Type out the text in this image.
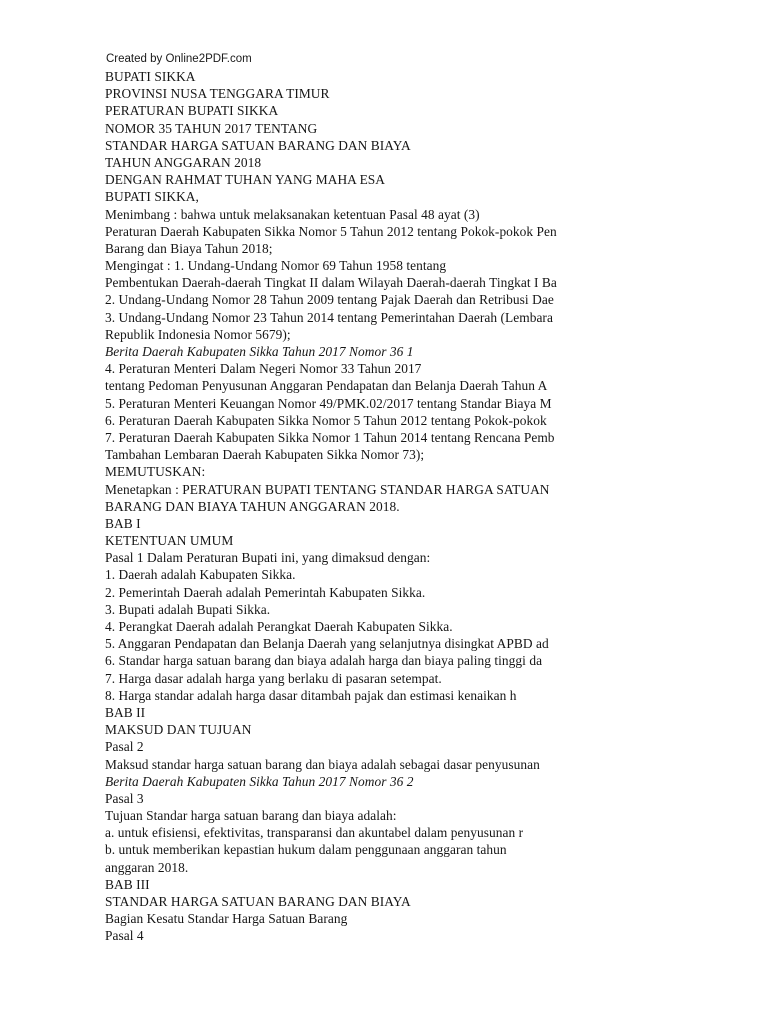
Created by Online2PDF.com
BUPATI SIKKA
PROVINSI NUSA TENGGARA TIMUR
PERATURAN BUPATI SIKKA
NOMOR 35 TAHUN 2017 TENTANG
STANDAR HARGA SATUAN BARANG DAN BIAYA
TAHUN ANGGARAN 2018
DENGAN RAHMAT TUHAN YANG MAHA ESA
BUPATI SIKKA,
Menimbang : bahwa untuk melaksanakan ketentuan Pasal 48 ayat (3)
Peraturan Daerah Kabupaten Sikka Nomor 5 Tahun 2012 tentang Pokok-pokok Pen
Barang dan Biaya Tahun 2018;
Mengingat : 1. Undang-Undang Nomor 69 Tahun 1958 tentang
Pembentukan Daerah-daerah Tingkat II dalam Wilayah Daerah-daerah Tingkat I Ba
2. Undang-Undang Nomor 28 Tahun 2009 tentang Pajak Daerah dan Retribusi Dae
3. Undang-Undang Nomor 23 Tahun 2014 tentang Pemerintahan Daerah (Lembara
Republik Indonesia Nomor 5679);
Berita Daerah Kabupaten Sikka Tahun 2017 Nomor 36 1
4. Peraturan Menteri Dalam Negeri Nomor 33 Tahun 2017
tentang Pedoman Penyusunan Anggaran Pendapatan dan Belanja Daerah Tahun A
5. Peraturan Menteri Keuangan Nomor 49/PMK.02/2017 tentang Standar Biaya M
6. Peraturan Daerah Kabupaten Sikka Nomor 5 Tahun 2012 tentang Pokok-pokok
7. Peraturan Daerah Kabupaten Sikka Nomor 1 Tahun 2014 tentang Rencana Pemb
Tambahan Lembaran Daerah Kabupaten Sikka Nomor 73);
MEMUTUSKAN:
Menetapkan : PERATURAN BUPATI TENTANG STANDAR HARGA SATUAN
BARANG DAN BIAYA TAHUN ANGGARAN 2018.
BAB I
KETENTUAN UMUM
Pasal 1 Dalam Peraturan Bupati ini, yang dimaksud dengan:
1. Daerah adalah Kabupaten Sikka.
2. Pemerintah Daerah adalah Pemerintah Kabupaten Sikka.
3. Bupati adalah Bupati Sikka.
4. Perangkat Daerah adalah Perangkat Daerah Kabupaten Sikka.
5. Anggaran Pendapatan dan Belanja Daerah yang selanjutnya disingkat APBD ad
6. Standar harga satuan barang dan biaya adalah harga dan biaya paling tinggi da
7. Harga dasar adalah harga yang berlaku di pasaran setempat.
8. Harga standar adalah harga dasar ditambah pajak dan estimasi kenaikan h
BAB II
MAKSUD DAN TUJUAN
Pasal 2
Maksud standar harga satuan barang dan biaya adalah sebagai dasar penyusunan
Berita Daerah Kabupaten Sikka Tahun 2017 Nomor 36 2
Pasal 3
Tujuan Standar harga satuan barang dan biaya adalah:
a. untuk efisiensi, efektivitas, transparansi dan akuntabel dalam penyusunan r
b. untuk memberikan kepastian hukum dalam penggunaan anggaran tahun
anggaran 2018.
BAB III
STANDAR HARGA SATUAN BARANG DAN BIAYA
Bagian Kesatu Standar Harga Satuan Barang
Pasal 4
